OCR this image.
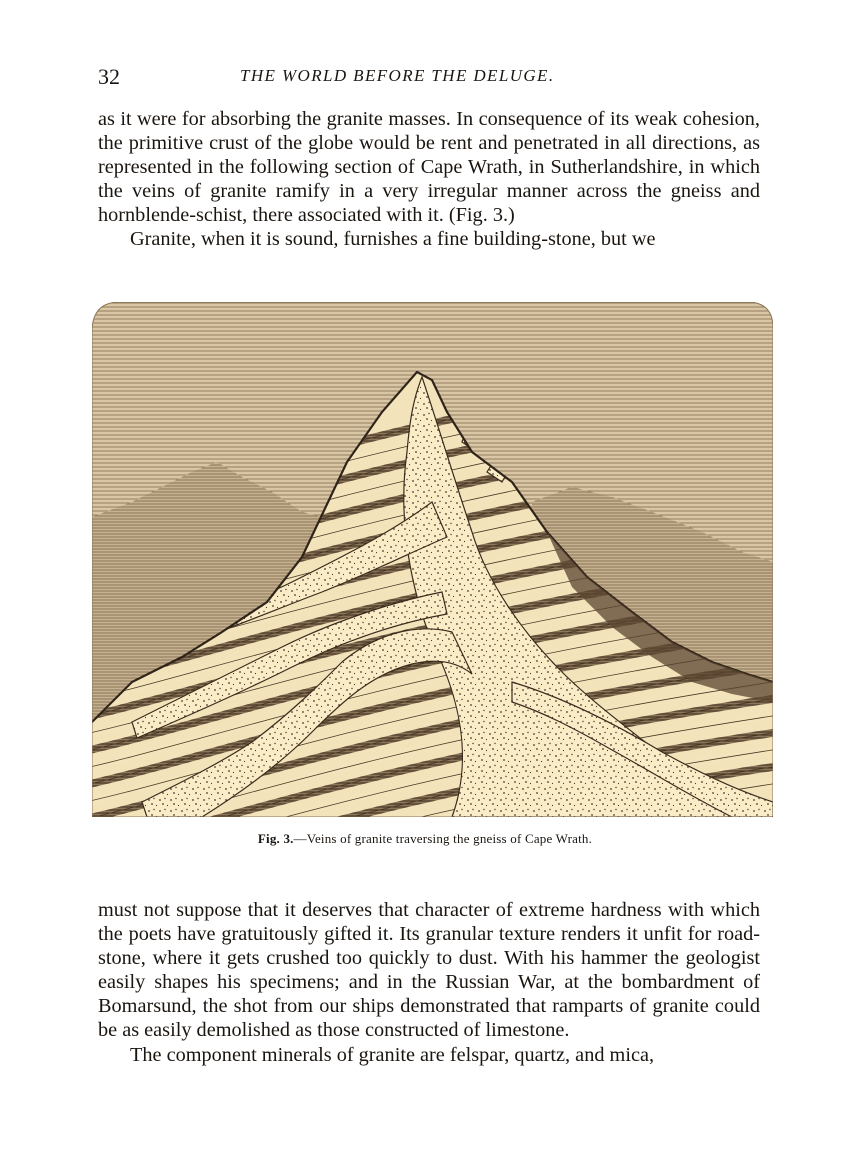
32	THE WORLD BEFORE THE DELUGE.

as it were for absorbing the granite masses. In consequence of its weak cohesion, the primitive crust of the globe would be rent and penetrated in all directions, as represented in the following section of Cape Wrath, in Sutherlandshire, in which the veins of granite ramify in a very irregular manner across the gneiss and hornblende-schist, there associated with it. (Fig. 3.)

Granite, when it is sound, furnishes a fine building-stone, but we

Fig. 3.—Veins of granite traversing the gneiss of Cape Wrath.

must not suppose that it deserves that character of extreme hardness with which the poets have gratuitously gifted it. Its granular texture renders it unfit for road-stone, where it gets crushed too quickly to dust. With his hammer the geologist easily shapes his specimens; and in the Russian War, at the bombardment of Bomarsund, the shot from our ships demonstrated that ramparts of granite could be as easily demolished as those constructed of limestone.

The component minerals of granite are felspar, quartz, and mica,
